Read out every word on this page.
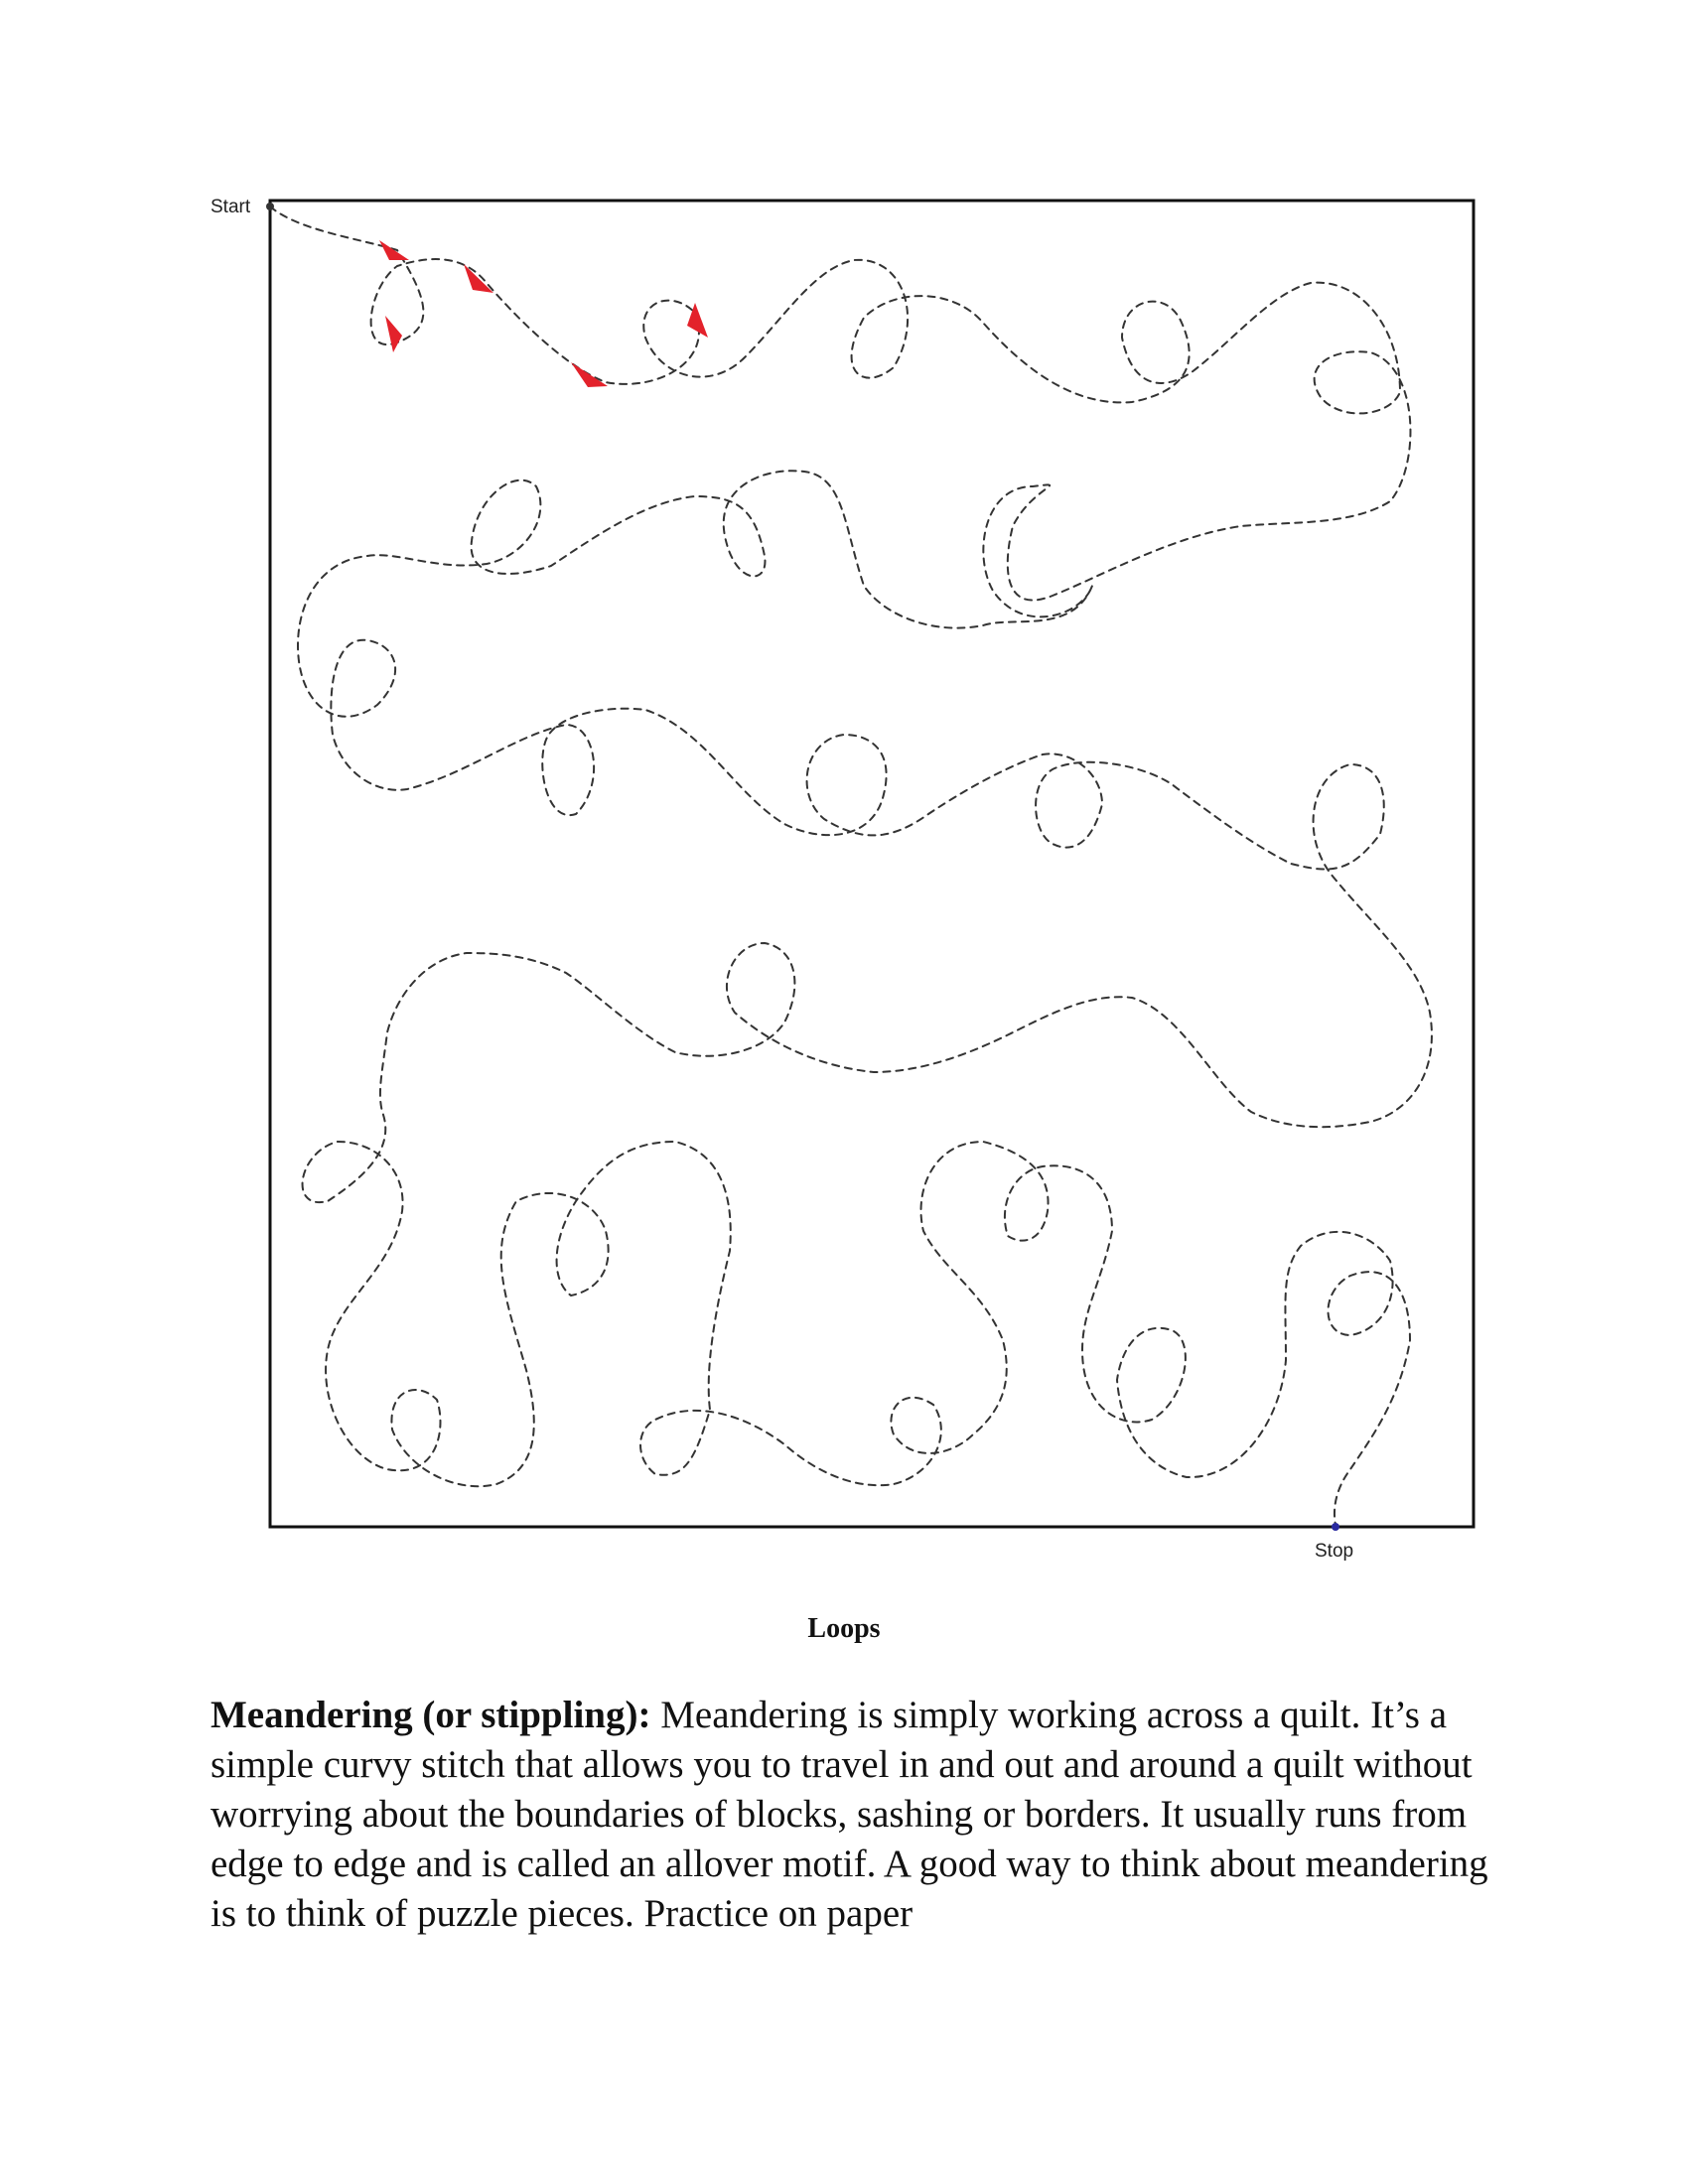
Start
Stop

Loops

Meandering (or stippling): Meandering is simply working across a quilt. It’s a simple curvy stitch that allows you to travel in and out and around a quilt without worrying about the boundaries of blocks, sashing or borders. It usually runs from edge to edge and is called an allover motif. A good way to think about meandering is to think of puzzle pieces. Practice on paper
